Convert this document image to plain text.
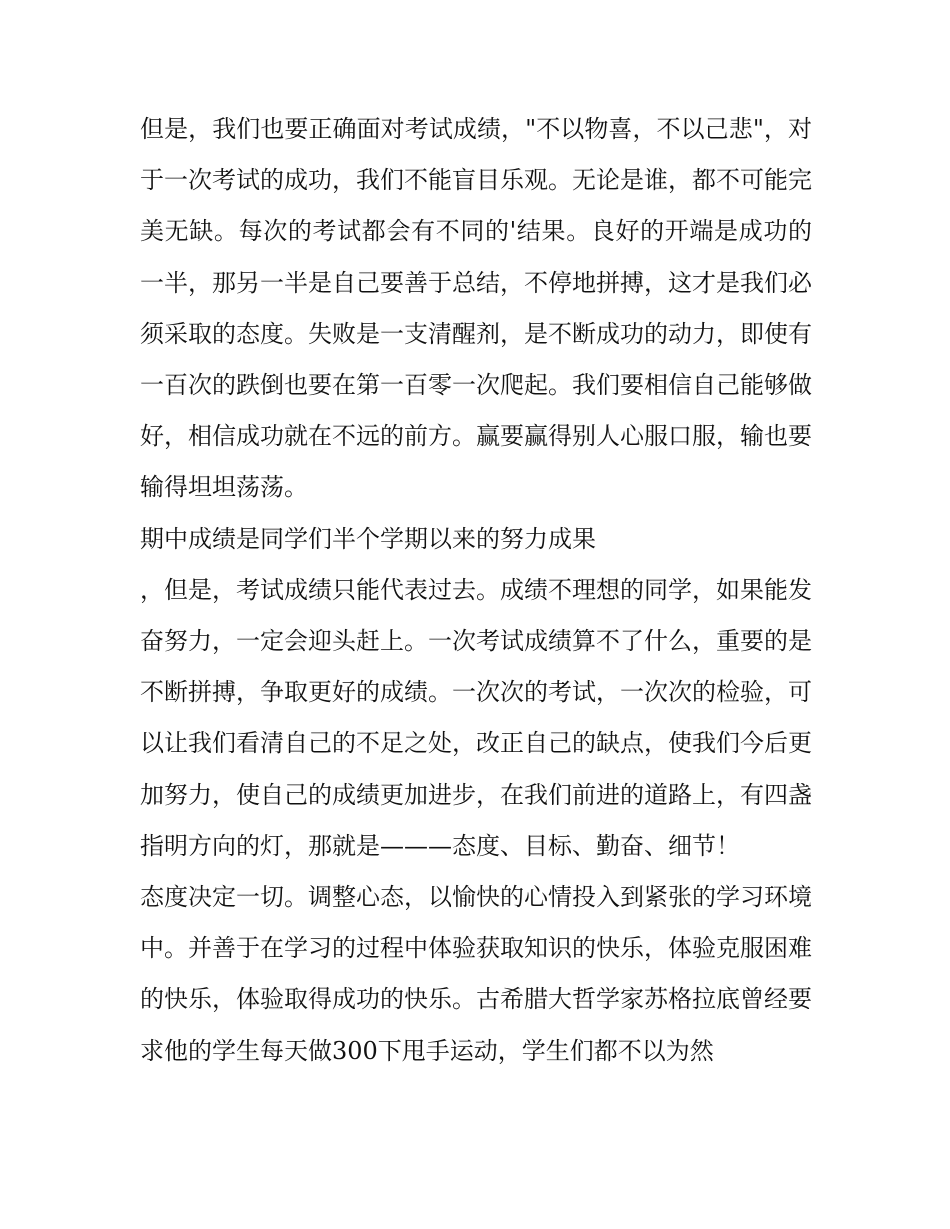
但是，我们也要正确面对考试成绩，"不以物喜，不以己悲"，对于一次考试的成功，我们不能盲目乐观。无论是谁，都不可能完美无缺。每次的考试都会有不同的'结果。良好的开端是成功的一半，那另一半是自己要善于总结，不停地拼搏，这才是我们必须采取的态度。失败是一支清醒剂，是不断成功的动力，即使有一百次的跌倒也要在第一百零一次爬起。我们要相信自己能够做好，相信成功就在不远的前方。赢要赢得别人心服口服，输也要输得坦坦荡荡。

期中成绩是同学们半个学期以来的努力成果

，但是，考试成绩只能代表过去。成绩不理想的同学，如果能发奋努力，一定会迎头赶上。一次考试成绩算不了什么，重要的是不断拼搏，争取更好的成绩。一次次的考试，一次次的检验，可以让我们看清自己的不足之处，改正自己的缺点，使我们今后更加努力，使自己的成绩更加进步，在我们前进的道路上，有四盏指明方向的灯，那就是———态度、目标、勤奋、细节！

态度决定一切。调整心态，以愉快的心情投入到紧张的学习环境中。并善于在学习的过程中体验获取知识的快乐，体验克服困难的快乐，体验取得成功的快乐。古希腊大哲学家苏格拉底曾经要求他的学生每天做300下甩手运动，学生们都不以为然
